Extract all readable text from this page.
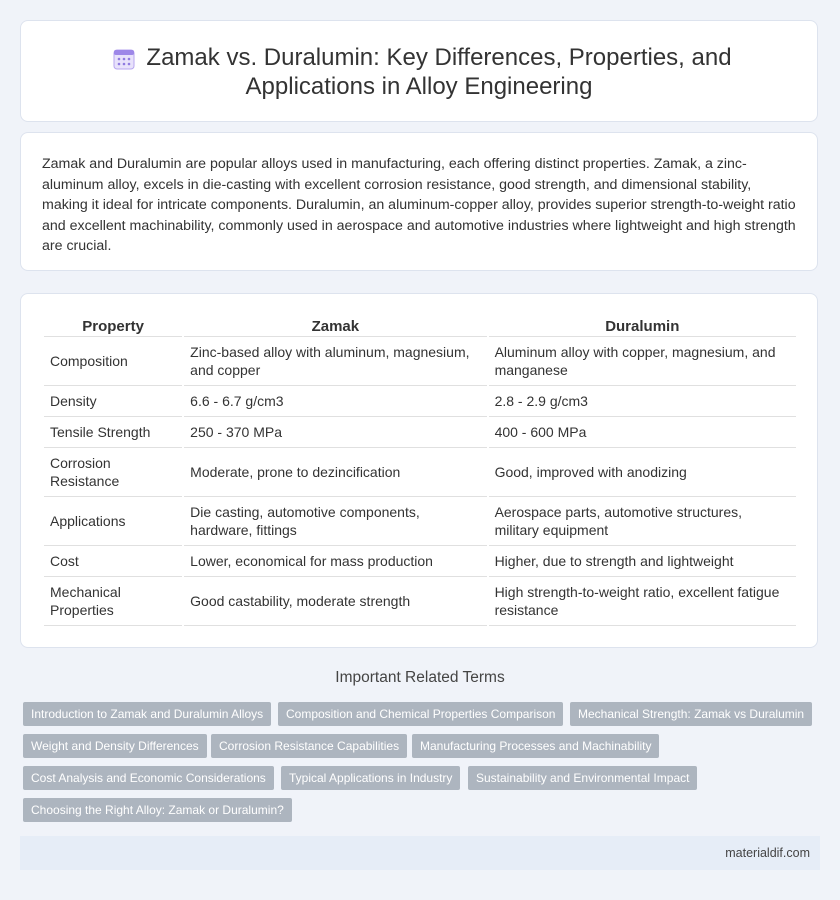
Zamak vs. Duralumin: Key Differences, Properties, and
Applications in Alloy Engineering

Zamak and Duralumin are popular alloys used in manufacturing, each offering distinct properties. Zamak, a zinc-aluminum alloy, excels in die-casting with excellent corrosion resistance, good strength, and dimensional stability, making it ideal for intricate components. Duralumin, an aluminum-copper alloy, provides superior strength-to-weight ratio and excellent machinability, commonly used in aerospace and automotive industries where lightweight and high strength are crucial.

Property	Zamak	Duralumin
Composition	Zinc-based alloy with aluminum, magnesium, and copper	Aluminum alloy with copper, magnesium, and manganese
Density	6.6 - 6.7 g/cm3	2.8 - 2.9 g/cm3
Tensile Strength	250 - 370 MPa	400 - 600 MPa
Corrosion Resistance	Moderate, prone to dezincification	Good, improved with anodizing
Applications	Die casting, automotive components, hardware, fittings	Aerospace parts, automotive structures, military equipment
Cost	Lower, economical for mass production	Higher, due to strength and lightweight
Mechanical Properties	Good castability, moderate strength	High strength-to-weight ratio, excellent fatigue resistance
Important Related Terms
Introduction to Zamak and Duralumin Alloys	Composition and Chemical Properties Comparison	Mechanical Strength: Zamak vs Duralumin
Weight and Density Differences	Corrosion Resistance Capabilities	Manufacturing Processes and Machinability
Cost Analysis and Economic Considerations	Typical Applications in Industry	Sustainability and Environmental Impact
Choosing the Right Alloy: Zamak or Duralumin?
materialdif.com
